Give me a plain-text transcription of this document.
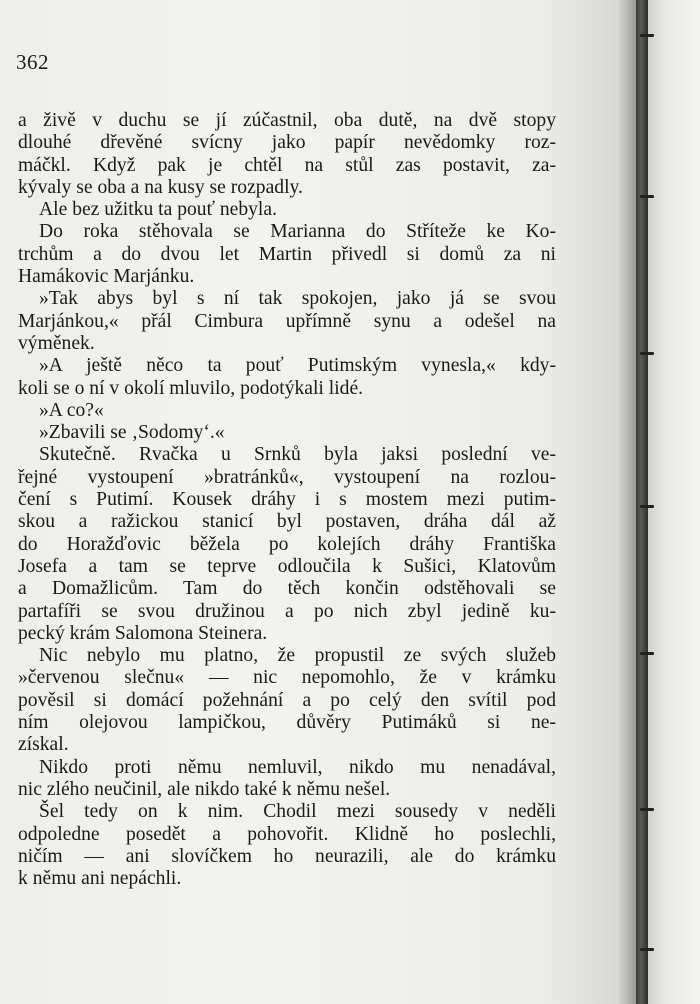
362
a živě v duchu se jí zúčastnil, oba dutě, na dvě stopy
dlouhé dřevěné svícny jako papír nevědomky roz-
máčkl. Když pak je chtěl na stůl zas postavit, za-
kývaly se oba a na kusy se rozpadly.
Ale bez užitku ta pouť nebyla.
Do roka stěhovala se Marianna do Stříteže ke Ko-
trchům a do dvou let Martin přivedl si domů za ni
Hamákovic Marjánku.
»Tak abys byl s ní tak spokojen, jako já se svou
Marjánkou,« přál Cimbura upřímně synu a odešel na
výměnek.
»A ještě něco ta pouť Putimským vynesla,« kdy-
koli se o ní v okolí mluvilo, podotýkali lidé.
»A co?«
»Zbavili se ‚Sodomy‘.«
Skutečně. Rvačka u Srnků byla jaksi poslední ve-
řejné vystoupení »bratránků«, vystoupení na rozlou-
čení s Putimí. Kousek dráhy i s mostem mezi putim-
skou a ražickou stanicí byl postaven, dráha dál až
do Horažďovic běžela po kolejích dráhy Františka
Josefa a tam se teprve odloučila k Sušici, Klatovům
a Domažlicům. Tam do těch končin odstěhovali se
partafíři se svou družinou a po nich zbyl jedině ku-
pecký krám Salomona Steinera.
Nic nebylo mu platno, že propustil ze svých služeb
»červenou slečnu« — nic nepomohlo, že v krámku
pověsil si domácí požehnání a po celý den svítil pod
ním olejovou lampičkou, důvěry Putimáků si ne-
získal.
Nikdo proti němu nemluvil, nikdo mu nenadával,
nic zlého neučinil, ale nikdo také k němu nešel.
Šel tedy on k nim. Chodil mezi sousedy v neděli
odpoledne posedět a pohovořit. Klidně ho poslechli,
ničím — ani slovíčkem ho neurazili, ale do krámku
k němu ani nepáchli.
